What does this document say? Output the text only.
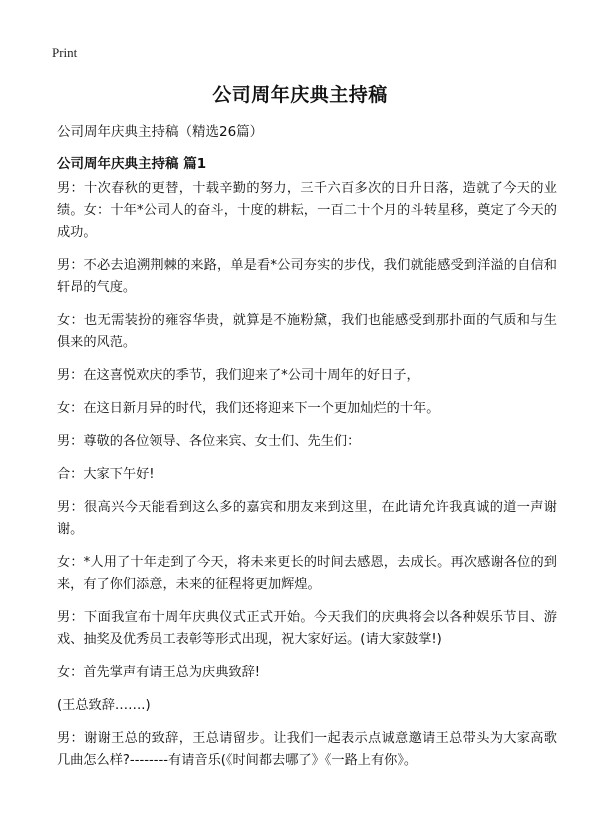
Print
公司周年庆典主持稿
公司周年庆典主持稿（精选26篇）
公司周年庆典主持稿 篇1

男：十次春秋的更替，十载辛勤的努力，三千六百多次的日升日落，造就了今天的业绩。女：十年*公司人的奋斗，十度的耕耘，一百二十个月的斗转星移，奠定了今天的成功。

男：不必去追溯荆棘的来路，单是看*公司夯实的步伐，我们就能感受到洋溢的自信和轩昂的气度。

女：也无需装扮的雍容华贵，就算是不施粉黛，我们也能感受到那扑面的气质和与生俱来的风范。

男：在这喜悦欢庆的季节，我们迎来了*公司十周年的好日子，

女：在这日新月异的时代，我们还将迎来下一个更加灿烂的十年。

男：尊敬的各位领导、各位来宾、女士们、先生们：

合：大家下午好!

男：很高兴今天能看到这么多的嘉宾和朋友来到这里，在此请允许我真诚的道一声谢谢。

女：*人用了十年走到了今天，将未来更长的时间去感恩，去成长。再次感谢各位的到来，有了你们添意，未来的征程将更加辉煌。

男：下面我宣布十周年庆典仪式正式开始。今天我们的庆典将会以各种娱乐节目、游戏、抽奖及优秀员工表彰等形式出现，祝大家好运。(请大家鼓掌!)

女：首先掌声有请王总为庆典致辞!

(王总致辞…….)

男：谢谢王总的致辞，王总请留步。让我们一起表示点诚意邀请王总带头为大家高歌几曲怎么样?--------有请音乐(《时间都去哪了》《一路上有你》。
